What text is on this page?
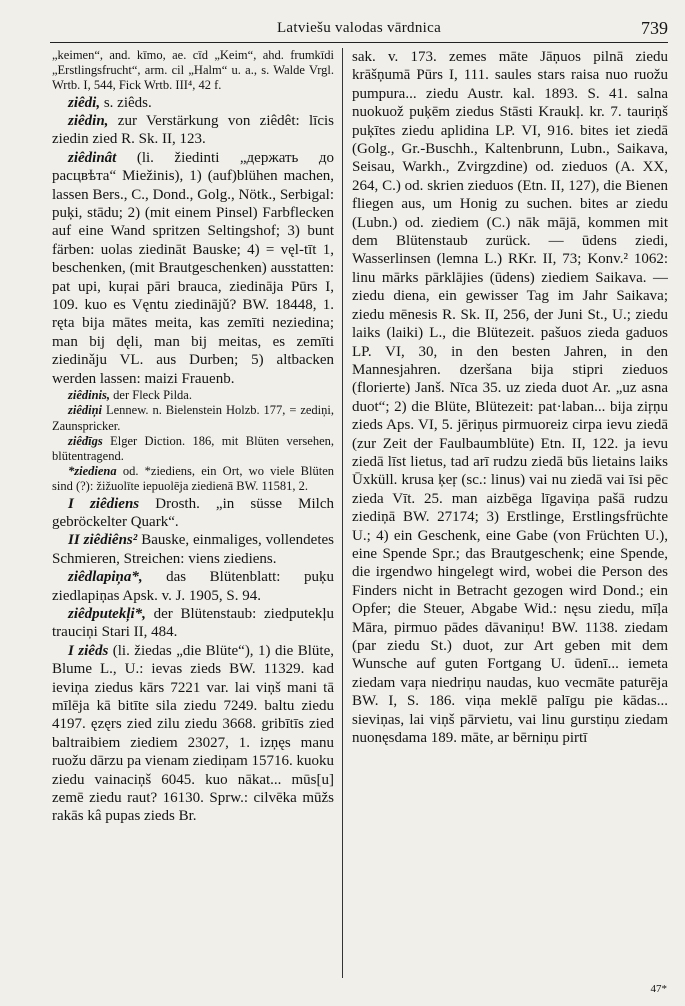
Latviešu valodas vārdnica	739

„keimen“, and. kīmo, ae. cīd „Keim“, ahd. frumkīdi „Erstlingsfrucht“, arm. cil „Halm“ u. a., s. Walde Vrgl. Wrtb. I, 544, Fick Wrtb. III⁴, 42 f.

ziêdi, s. ziêds.

ziêdin, zur Verstärkung von ziêdêt: līcis ziedin zied R. Sk. II, 123.

ziêdinât (li. žiedinti „держать до расцвѣта“ Miežinis), 1) (auf)blühen machen, lassen Bers., C., Dond., Golg., Nötk., Serbigal: puķi, stādu; 2) (mit einem Pinsel) Farbflecken auf eine Wand spritzen Seltingshof; 3) bunt färben: uolas ziedināt Bauske; 4) = vęl-tīt 1, beschenken, (mit Brautgeschenken) ausstatten: pat upi, kuŗai pāri brauca, ziedināja Pūrs I, 109. kuo es Vęntu ziedinājǔ? BW. 18448, 1. ręta bija mātes meita, kas zemīti neziedina; man bij dęli, man bij meitas, es zemīti ziedinǎju VL. aus Durben; 5) altbacken werden lassen: maizi Frauenb.

ziêdinis, der Fleck Pilda.

ziêdiņi Lennew. n. Bielenstein Holzb. 177, = zediņi, Zaunspricker.

ziêdīgs Elger Diction. 186, mit Blüten versehen, blütentragend.

*ziediena od. *ziediens, ein Ort, wo viele Blüten sind (?): žižuolīte iepuolēja ziedienā BW. 11581, 2.

I ziêdiens Drosth. „in süsse Milch gebröckelter Quark“.

II ziêdiêns² Bauske, einmaliges, vollendetes Schmieren, Streichen: viens ziediens.

ziêdlapiņa*, das Blütenblatt: puķu ziedlapiņas Apsk. v. J. 1905, S. 94.

ziêdputekļi*, der Blütenstaub: ziedputekļu trauciņi Stari II, 484.

I ziêds (li. žiedas „die Blüte“), 1) die Blüte, Blume L., U.: ievas zieds BW. 11329. kad ieviņa ziedus kārs 7221 var. lai viņš mani tā mīlēja kā bitīte sila ziedu 7249. baltu ziedu 4197. ęzęrs zied zilu ziedu 3668. gribītīs zied baltraibiem ziediem 23027, 1. izņęs manu ruožu dārzu pa vienam ziediņam 15716. kuoku ziedu vainaciņš 6045. kuo nākat... mūs[u] zemē ziedu raut? 16130. Sprw.: cilvēka mūžs rakās kâ pupas zieds Br.

sak. v. 173. zemes māte Jāņuos pilnā ziedu krāšņumā Pūrs I, 111. saules stars raisa nuo ruožu pumpura... ziedu Austr. kal. 1893. S. 41. salna nuokuož puķēm ziedus Stāsti Kraukļ. kr. 7. tauriņš puķītes ziedu aplidina LP. VI, 916. bites iet ziedā (Golg., Gr.-Buschh., Kaltenbrunn, Lubn., Saikava, Seisau, Warkh., Zvirgzdine) od. zieduos (A. XX, 264, C.) od. skrien zieduos (Etn. II, 127), die Bienen fliegen aus, um Honig zu suchen. bites ar ziedu (Lubn.) od. ziediem (C.) nāk mājā, kommen mit dem Blütenstaub zurück. — ūdens ziedi, Wasserlinsen (lemna L.) RKr. II, 73; Konv.² 1062: linu mārks pārklājies (ūdens) ziediem Saikava. — ziedu diena, ein gewisser Tag im Jahr Saikava; ziedu mēnesis R. Sk. II, 256, der Juni St., U.; ziedu laiks (laiki) L., die Blütezeit. pašuos zieda gaduos LP. VI, 30, in den besten Jahren, in den Mannesjahren. dzeršana bija stipri zieduos (florierte) Janš. Nīca 35. uz zieda duot Ar. „uz asna duot“; 2) die Blüte, Blütezeit: pat·laban... bija ziŗņu zieds Aps. VI, 5. jēriņus pirmuoreiz cirpa ievu ziedā (zur Zeit der Faulbaumblüte) Etn. II, 122. ja ievu ziedā līst lietus, tad arī rudzu ziedā būs lietains laiks Ūxküll. krusa ķeŗ (sc.: linus) vai nu ziedā vai īsi pēc zieda Vīt. 25. man aizbēga līgaviņa pašā rudzu ziediņā BW. 27174; 3) Erstlinge, Erstlingsfrüchte U.; 4) ein Geschenk, eine Gabe (von Früchten U.), eine Spende Spr.; das Brautgeschenk; eine Spende, die irgendwo hingelegt wird, wobei die Person des Finders nicht in Betracht gezogen wird Dond.; ein Opfer; die Steuer, Abgabe Wid.: nęsu ziedu, mīļa Māra, pirmuo pādes dāvaniņu! BW. 1138. ziedam (par ziedu St.) duot, zur Art geben mit dem Wunsche auf guten Fortgang U. ūdenī... iemeta ziedam vaŗa niedriņu naudas, kuo vecmāte paturēja BW. I, S. 186. viņa meklē palīgu pie kādas... sieviņas, lai viņš pārvietu, vai linu gurstiņu ziedam nuonęsdama 189. māte, ar bērniņu pirtī

47*
